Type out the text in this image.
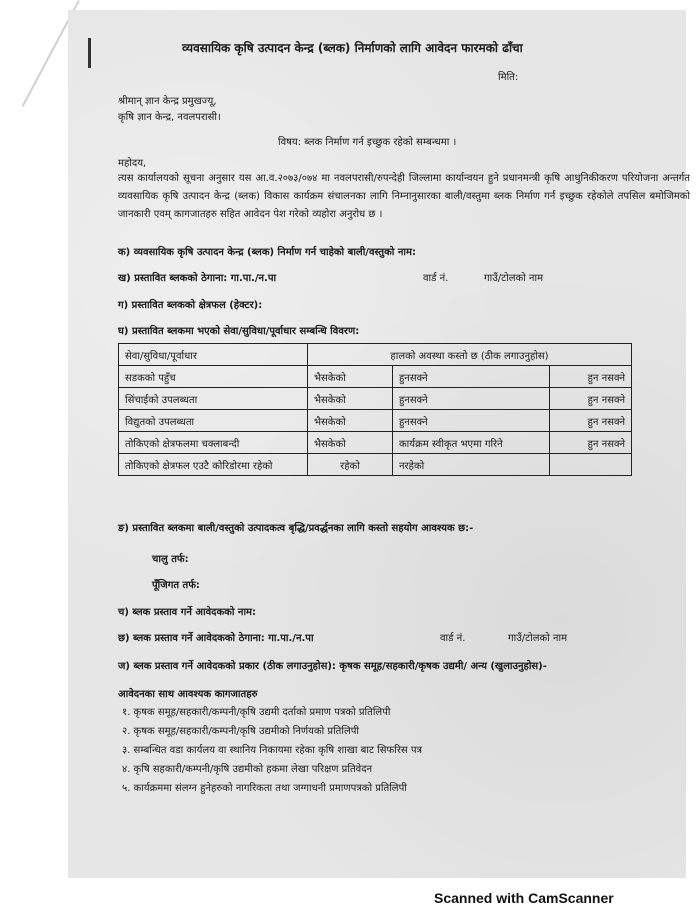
व्यवसायिक कृषि उत्पादन केन्द्र (ब्लक) निर्माणको लागि आवेदन फारमको ढाँचा
मिति:
श्रीमान् ज्ञान केन्द्र प्रमुखज्यू,
कृषि ज्ञान केन्द्र, नवलपरासी।
विषय: ब्लक निर्माण गर्न इच्छुक रहेको सम्बन्धमा ।
महोदय,
त्यस कार्यालयको सूचना अनुसार यस आ.व.२०७३/०७४ मा नवलपरासी/रुपन्देही जिल्लामा कार्यान्वयन हुने प्रधानमन्त्री कृषि आधुनिकीकरण परियोजना अन्तर्गत व्यवसायिक कृषि उत्पादन केन्द्र (ब्लक) विकास कार्यक्रम संचालनका लागि निम्नानुसारका बाली/वस्तुमा ब्लक निर्माण गर्न इच्छुक रहेकोले तपसिल बमोजिमको जानकारी एवम् कागजातहरु सहित आवेदन पेश गरेको व्यहोरा अनुरोध छ ।
क) व्यवसायिक कृषि उत्पादन केन्द्र (ब्लक) निर्माण गर्न चाहेको बाली/वस्तुको नाम:
ख) प्रस्तावित ब्लकको ठेगाना: गा.पा./न.पा	वार्ड नं.	गाउँ/टोलको नाम
ग) प्रस्तावित ब्लकको क्षेत्रफल (हेक्टर):
घ) प्रस्तावित ब्लकमा भएको सेवा/सुविधा/पूर्वाधार सम्बन्धि विवरण:
सेवा/सुविधा/पूर्वाधार	हालको अवस्था कस्तो छ (ठीक लगाउनुहोस)		
सडकको पहुँच	भैसकेको	हुनसक्ने	हुन नसक्ने
सिंचाईको उपलब्धता	भैसकेको	हुनसक्ने	हुन नसक्ने
विद्युतको उपलब्धता	भैसकेको	हुनसक्ने	हुन नसक्ने
तोकिएको क्षेत्रफलमा चक्लाबन्दी	भैसकेको	कार्यक्रम स्वीकृत भएमा गरिने	हुन नसक्ने
तोकिएको क्षेत्रफल एउटै कोरिडोरमा रहेको	रहेको	नरहेको	
ङ) प्रस्तावित ब्लकमा बाली/वस्तुको उत्पादकत्व बृद्धि/प्रवर्द्धनका लागि कस्तो सहयोग आवश्यक छ:-
चालु तर्फ:
पूँजिगत तर्फ:
च) ब्लक प्रस्ताव गर्ने आवेदकको नाम:
छ) ब्लक प्रस्ताव गर्ने आवेदकको ठेगाना: गा.पा./न.पा	वार्ड नं.	गाउँ/टोलको नाम
ज) ब्लक प्रस्ताव गर्ने आवेदकको प्रकार (ठीक लगाउनुहोस): कृषक समूह/सहकारी/कृषक उद्यमी/ अन्य (खुलाउनुहोस)-
आवेदनका साथ आवश्यक कागजातहरु
१. कृषक समूह/सहकारी/कम्पनी/कृषि उद्यमी दर्ताको प्रमाण पत्रको प्रतिलिपी
२. कृषक समूह/सहकारी/कम्पनी/कृषि उद्यमीको निर्णयको प्रतिलिपी
३. सम्बन्धित वडा कार्यलय वा स्थानिय निकायमा रहेका कृषि शाखा बाट सिफरिस पत्र
४. कृषि सहकारी/कम्पनी/कृषि उद्यमीको हकमा लेखा परिक्षण प्रतिवेदन
५. कार्यक्रममा संलग्न हुनेहरुको नागरिकता तथा जग्गाधनी प्रमाणपत्रको प्रतिलिपी
Scanned with CamScanner
